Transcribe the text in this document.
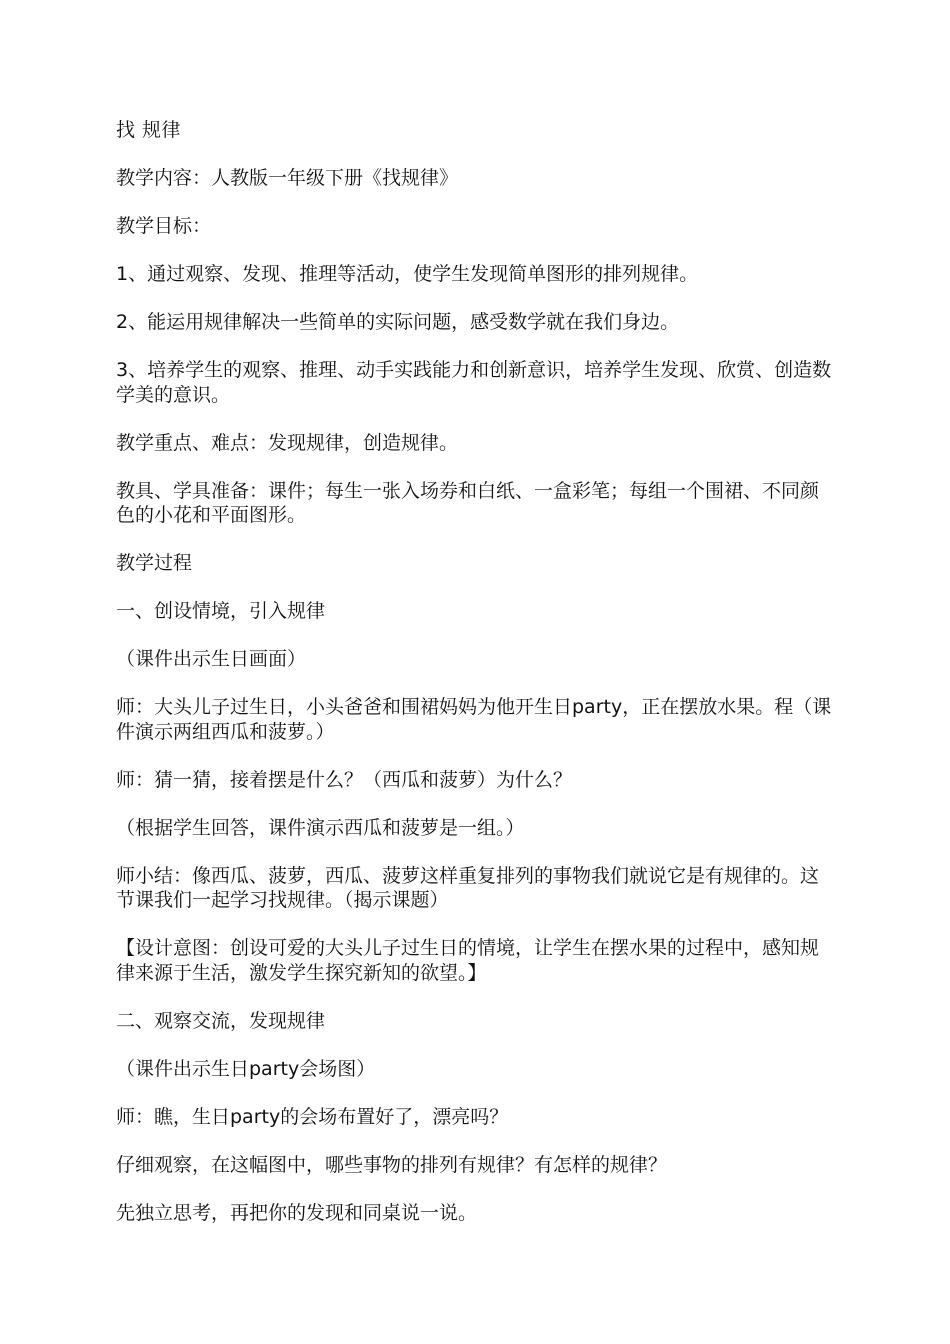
找 规律

教学内容：人教版一年级下册《找规律》

教学目标：

1、通过观察、发现、推理等活动，使学生发现简单图形的排列规律。

2、能运用规律解决一些简单的实际问题，感受数学就在我们身边。

3、培养学生的观察、推理、动手实践能力和创新意识，培养学生发现、欣赏、创造数学美的意识。

教学重点、难点：发现规律，创造规律。

教具、学具准备：课件；每生一张入场券和白纸、一盒彩笔；每组一个围裙、不同颜色的小花和平面图形。

教学过程

一、创设情境，引入规律

（课件出示生日画面）

师：大头儿子过生日，小头爸爸和围裙妈妈为他开生日party，正在摆放水果。程（课件演示两组西瓜和菠萝。）

师：猜一猜，接着摆是什么？（西瓜和菠萝）为什么？

（根据学生回答，课件演示西瓜和菠萝是一组。）

师小结：像西瓜、菠萝，西瓜、菠萝这样重复排列的事物我们就说它是有规律的。这节课我们一起学习找规律。（揭示课题）

【设计意图：创设可爱的大头儿子过生日的情境，让学生在摆水果的过程中，感知规律来源于生活，激发学生探究新知的欲望。】

二、观察交流，发现规律

（课件出示生日party会场图）

师：瞧，生日party的会场布置好了，漂亮吗？

仔细观察，在这幅图中，哪些事物的排列有规律？有怎样的规律？

先独立思考，再把你的发现和同桌说一说。
